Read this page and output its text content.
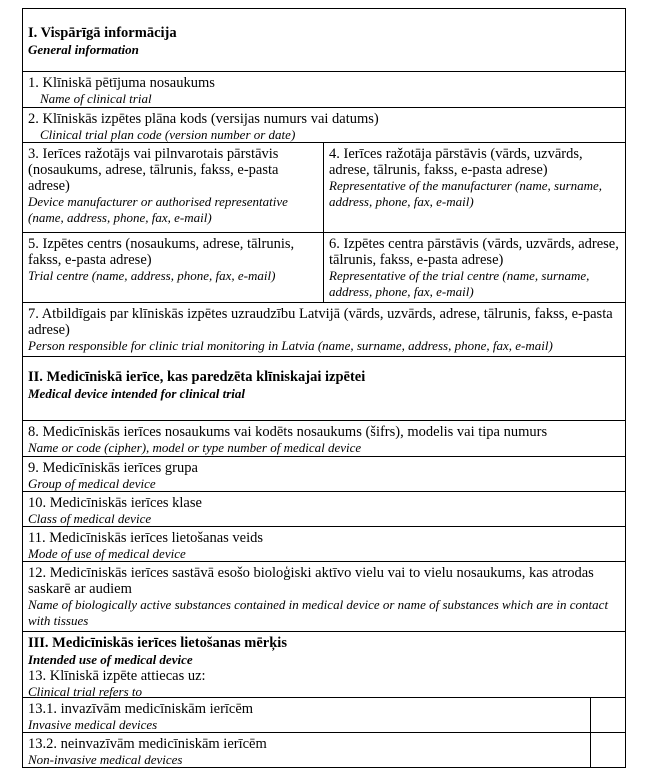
I. Vispārīgā informācija
General information
1. Klīniskā pētījuma nosaukums
Name of clinical trial
2. Klīniskās izpētes plāna kods (versijas numurs vai datums)
Clinical trial plan code (version number or date)
3. Ierīces ražotājs vai pilnvarotais pārstāvis (nosaukums, adrese, tālrunis, fakss, e-pasta adrese)
Device manufacturer or authorised representative (name, address, phone, fax, e-mail)
4. Ierīces ražotāja pārstāvis (vārds, uzvārds, adrese, tālrunis, fakss, e-pasta adrese)
Representative of the manufacturer (name, surname, address, phone, fax, e-mail)
5. Izpētes centrs (nosaukums, adrese, tālrunis, fakss, e-pasta adrese)
Trial centre (name, address, phone, fax, e-mail)
6. Izpētes centra pārstāvis (vārds, uzvārds, adrese, tālrunis, fakss, e-pasta adrese)
Representative of the trial centre (name, surname, address, phone, fax, e-mail)
7. Atbildīgais par klīniskās izpētes uzraudzību Latvijā (vārds, uzvārds, adrese, tālrunis, fakss, e-pasta adrese)
Person responsible for clinic trial monitoring in Latvia (name, surname, address, phone, fax, e-mail)
II. Medicīniskā ierīce, kas paredzēta klīniskajai izpētei
Medical device intended for clinical trial
8. Medicīniskās ierīces nosaukums vai kodēts nosaukums (šifrs), modelis vai tipa numurs
Name or code (cipher), model or type number of medical device
9. Medicīniskās ierīces grupa
Group of medical device
10. Medicīniskās ierīces klase
Class of medical device
11. Medicīniskās ierīces lietošanas veids
Mode of use of medical device
12. Medicīniskās ierīces sastāvā esošo bioloģiski aktīvo vielu vai to vielu nosaukums, kas atrodas saskarē ar audiem
Name of biologically active substances contained in medical device or name of substances which are in contact with tissues
III. Medicīniskās ierīces lietošanas mērķis
Intended use of medical device
13. Klīniskā izpēte attiecas uz:
Clinical trial refers to
13.1. invazīvām medicīniskām ierīcēm
Invasive medical devices
13.2. neinvazīvām medicīniskām ierīcēm
Non-invasive medical devices
